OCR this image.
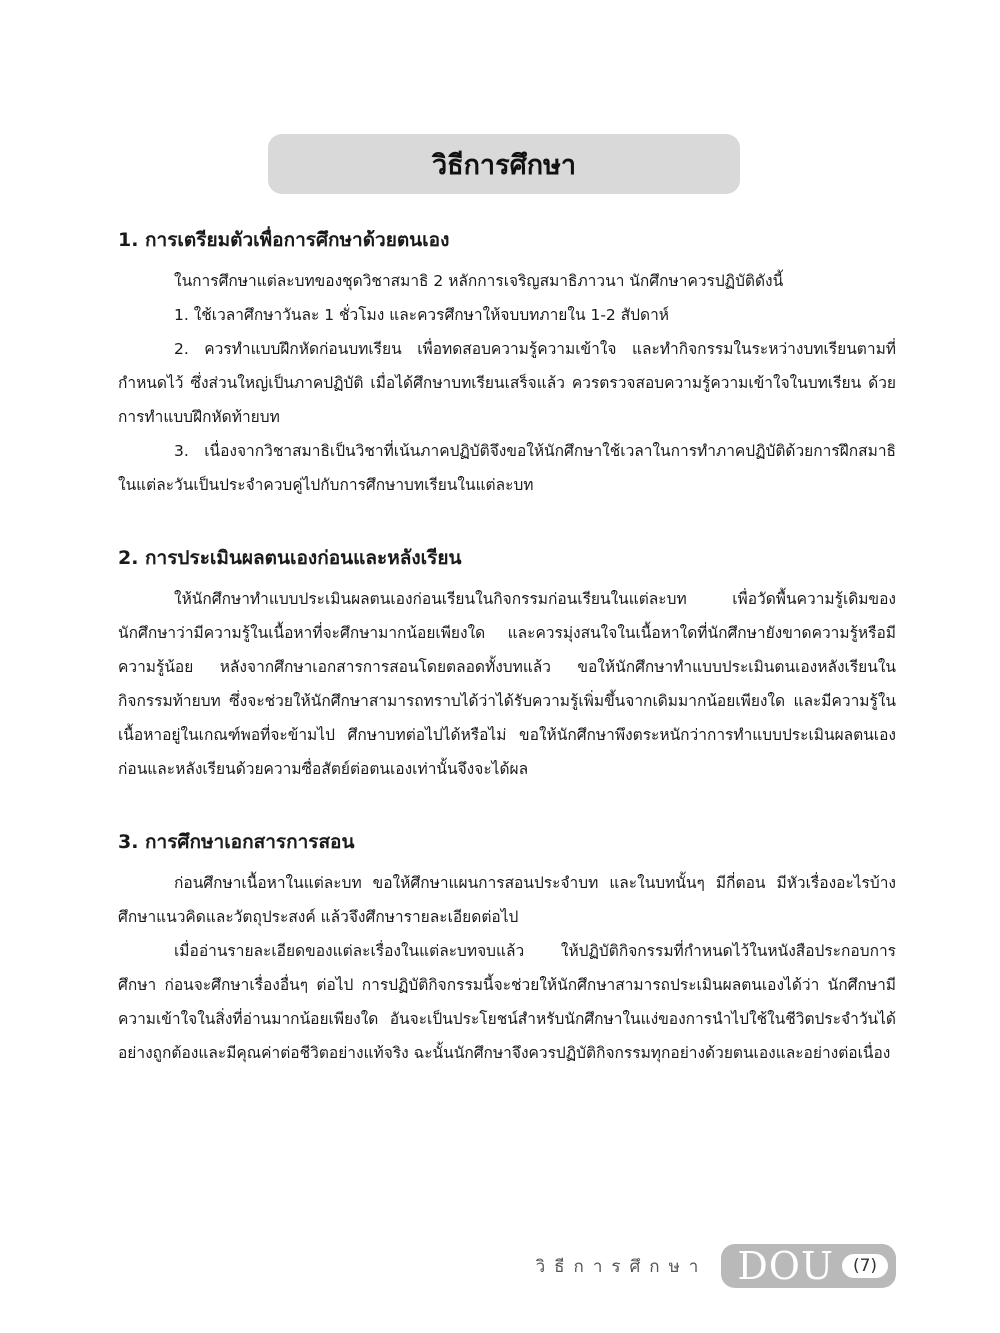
วิธีการศึกษา
1. การเตรียมตัวเพื่อการศึกษาด้วยตนเอง

ในการศึกษาแต่ละบทของชุดวิชาสมาธิ 2 หลักการเจริญสมาธิภาวนา นักศึกษาควรปฏิบัติดังนี้

1. ใช้เวลาศึกษาวันละ 1 ชั่วโมง และควรศึกษาให้จบบทภายใน 1-2 สัปดาห์

2. ควรทำแบบฝึกหัดก่อนบทเรียน เพื่อทดสอบความรู้ความเข้าใจ และทำกิจกรรมในระหว่างบทเรียนตามที่กำหนดไว้ ซึ่งส่วนใหญ่เป็นภาคปฏิบัติ เมื่อได้ศึกษาบทเรียนเสร็จแล้ว ควรตรวจสอบความรู้ความเข้าใจในบทเรียน ด้วยการทำแบบฝึกหัดท้ายบท

3. เนื่องจากวิชาสมาธิเป็นวิชาที่เน้นภาคปฏิบัติจึงขอให้นักศึกษาใช้เวลาในการทำภาคปฏิบัติด้วยการฝึกสมาธิในแต่ละวันเป็นประจำควบคู่ไปกับการศึกษาบทเรียนในแต่ละบท

2. การประเมินผลตนเองก่อนและหลังเรียน

ให้นักศึกษาทำแบบประเมินผลตนเองก่อนเรียนในกิจกรรมก่อนเรียนในแต่ละบท เพื่อวัดพื้นความรู้เดิมของนักศึกษาว่ามีความรู้ในเนื้อหาที่จะศึกษามากน้อยเพียงใด และควรมุ่งสนใจในเนื้อหาใดที่นักศึกษายังขาดความรู้หรือมีความรู้น้อย หลังจากศึกษาเอกสารการสอนโดยตลอดทั้งบทแล้ว ขอให้นักศึกษาทำแบบประเมินตนเองหลังเรียนในกิจกรรมท้ายบท ซึ่งจะช่วยให้นักศึกษาสามารถทราบได้ว่าได้รับความรู้เพิ่มขึ้นจากเดิมมากน้อยเพียงใด และมีความรู้ในเนื้อหาอยู่ในเกณฑ์พอที่จะข้ามไป ศึกษาบทต่อไปได้หรือไม่ ขอให้นักศึกษาพึงตระหนักว่าการทำแบบประเมินผลตนเองก่อนและหลังเรียนด้วยความซื่อสัตย์ต่อตนเองเท่านั้นจึงจะได้ผล

3. การศึกษาเอกสารการสอน

ก่อนศึกษาเนื้อหาในแต่ละบท ขอให้ศึกษาแผนการสอนประจำบท และในบทนั้นๆ มีกี่ตอน มีหัวเรื่องอะไรบ้าง ศึกษาแนวคิดและวัตถุประสงค์ แล้วจึงศึกษารายละเอียดต่อไป

เมื่ออ่านรายละเอียดของแต่ละเรื่องในแต่ละบทจบแล้ว ให้ปฏิบัติกิจกรรมที่กำหนดไว้ในหนังสือประกอบการศึกษา ก่อนจะศึกษาเรื่องอื่นๆ ต่อไป การปฏิบัติกิจกรรมนี้จะช่วยให้นักศึกษาสามารถประเมินผลตนเองได้ว่า นักศึกษามีความเข้าใจในสิ่งที่อ่านมากน้อยเพียงใด อันจะเป็นประโยชน์สำหรับนักศึกษาในแง่ของการนำไปใช้ในชีวิตประจำวันได้อย่างถูกต้องและมีคุณค่าต่อชีวิตอย่างแท้จริง ฉะนั้นนักศึกษาจึงควรปฏิบัติกิจกรรมทุกอย่างด้วยตนเองและอย่างต่อเนื่อง

วิธีการศึกษา DOU	(7)
